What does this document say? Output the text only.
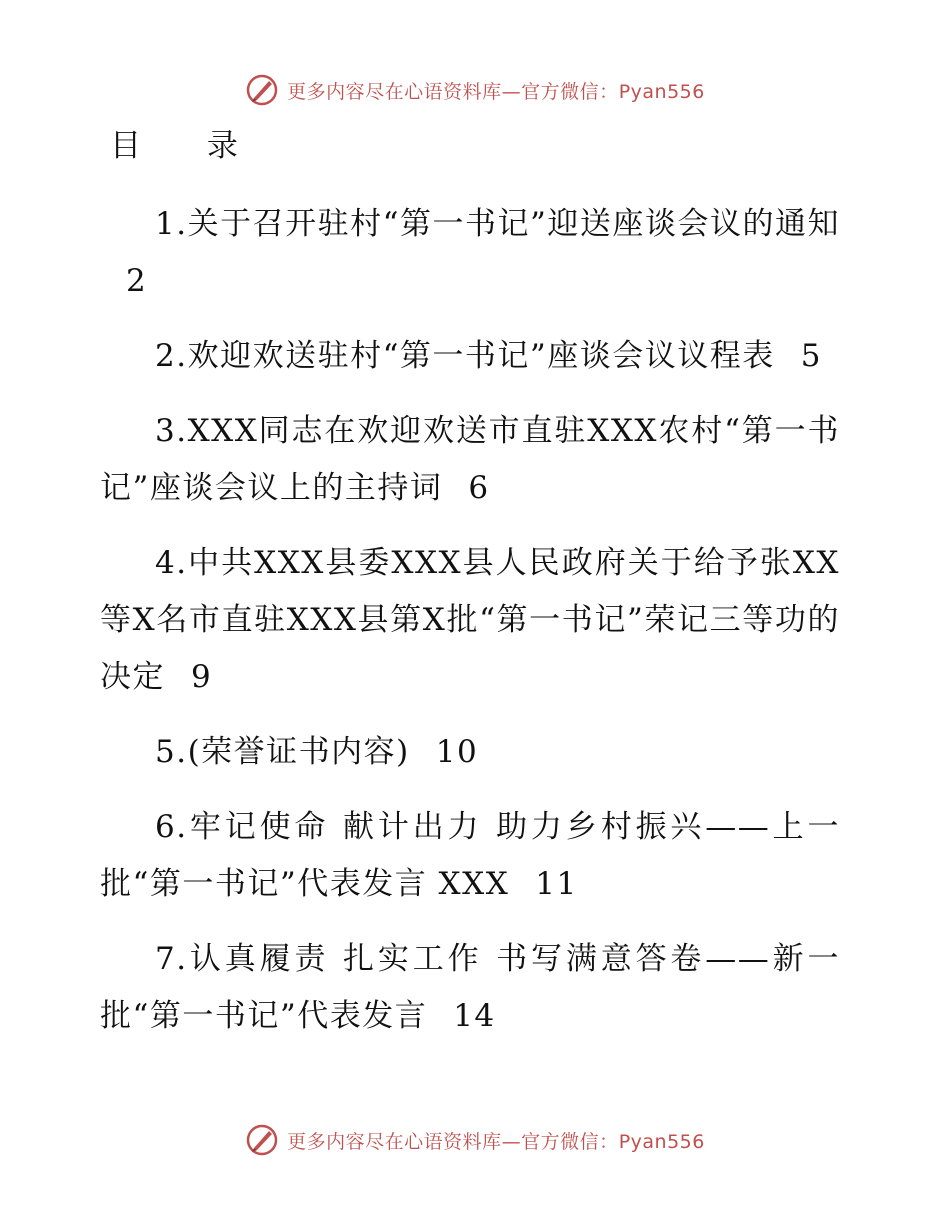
更多内容尽在心语资料库—官方微信：Pyan556
目 录
1.关于召开驻村“第一书记”迎送座谈会议的通知2
2.欢迎欢送驻村“第一书记”座谈会议议程表 5
3.XXX同志在欢迎欢送市直驻XXX农村“第一书记”座谈会议上的主持词 6
4.中共XXX县委XXX县人民政府关于给予张XX等X名市直驻XXX县第X批“第一书记”荣记三等功的决定 9
5.(荣誉证书内容) 10
6.牢记使命 献计出力 助力乡村振兴——上一批“第一书记”代表发言 XXX 11
7.认真履责 扎实工作 书写满意答卷——新一批“第一书记”代表发言 14
更多内容尽在心语资料库—官方微信：Pyan556
